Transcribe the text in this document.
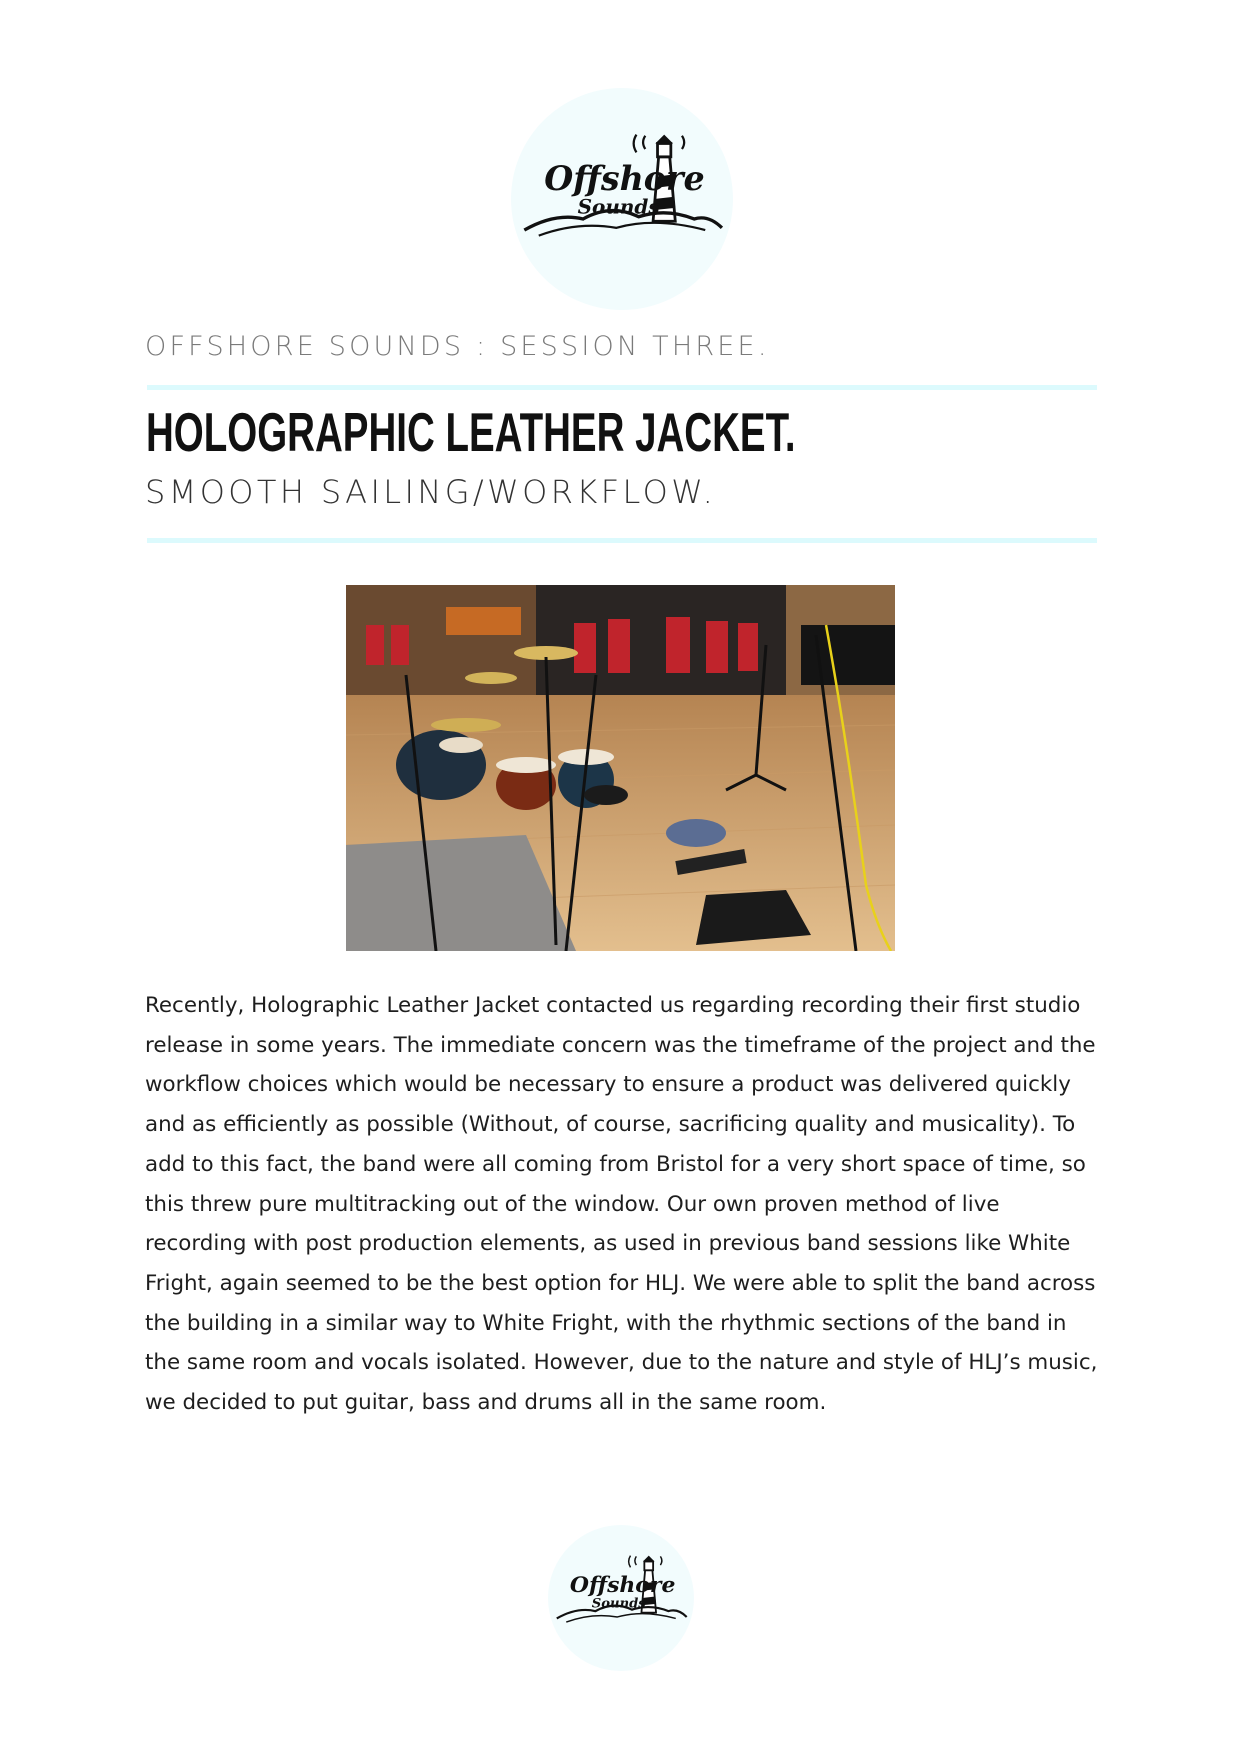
Offshore
Sounds
OFFSHORE SOUNDS : SESSION THREE.
HOLOGRAPHIC LEATHER JACKET.
SMOOTH SAILING/WORKFLOW.

Recently, Holographic Leather Jacket contacted us regarding recording their first studio release in some years. The immediate concern was the timeframe of the project and the workflow choices which would be necessary to ensure a product was delivered quickly and as efficiently as possible (Without, of course, sacrificing quality and musicality). To add to this fact, the band were all coming from Bristol for a very short space of time, so this threw pure multitracking out of the window. Our own proven method of live recording with post production elements, as used in previous band sessions like White Fright, again seemed to be the best option for HLJ. We were able to split the band across the building in a similar way to White Fright, with the rhythmic sections of the band in the same room and vocals isolated. However, due to the nature and style of HLJ’s music, we decided to put guitar, bass and drums all in the same room.

Offshore
Sounds
